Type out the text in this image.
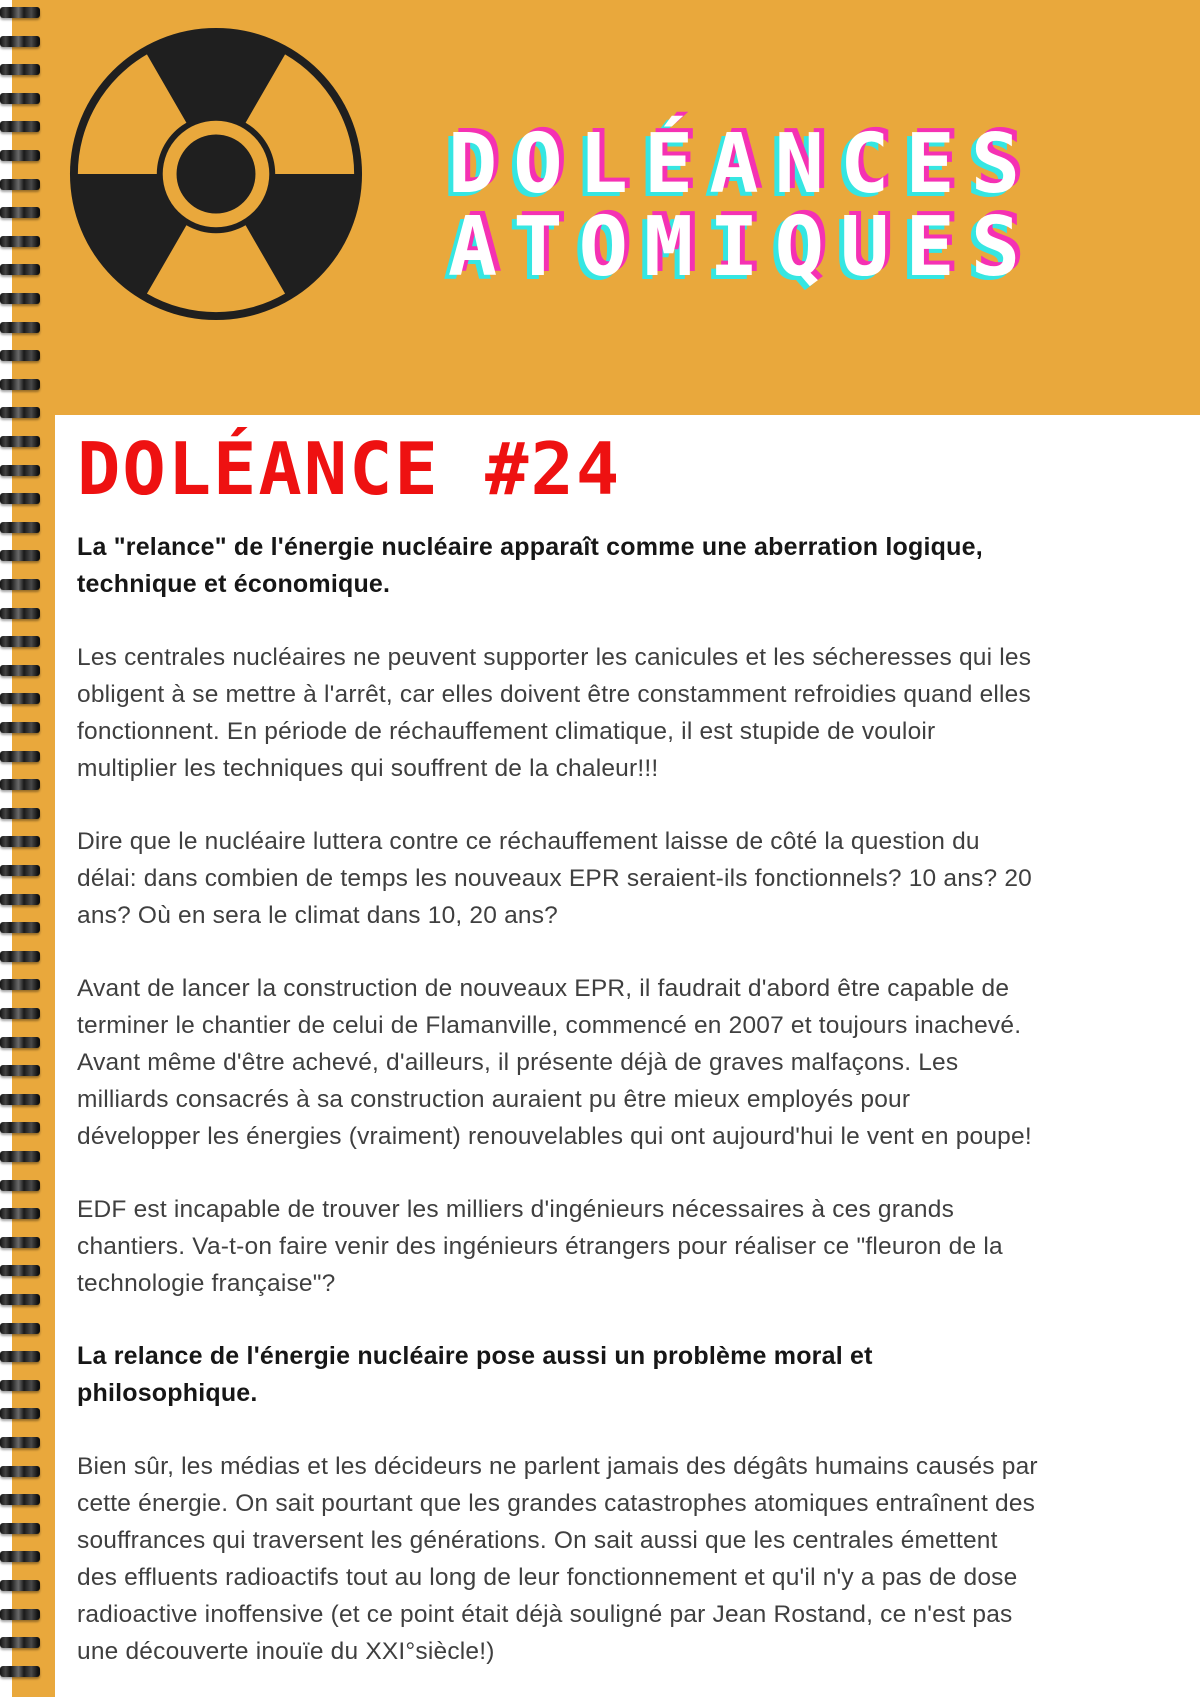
DOLÉANCES
ATOMIQUES
DOLÉANCE #24

La "relance" de l'énergie nucléaire apparaît comme une aberration logique, technique et économique.

Les centrales nucléaires ne peuvent supporter les canicules et les sécheresses qui les obligent à se mettre à l'arrêt, car elles doivent être constamment refroidies quand elles fonctionnent. En période de réchauffement climatique, il est stupide de vouloir multiplier les techniques qui souffrent de la chaleur!!!

Dire que le nucléaire luttera contre ce réchauffement laisse de côté la question du délai: dans combien de temps les nouveaux EPR seraient-ils fonctionnels? 10 ans? 20 ans? Où en sera le climat dans 10, 20 ans?

Avant de lancer la construction de nouveaux EPR, il faudrait d'abord être capable de terminer le chantier de celui de Flamanville, commencé en 2007 et toujours inachevé. Avant même d'être achevé, d'ailleurs, il présente déjà de graves malfaçons. Les milliards consacrés à sa construction auraient pu être mieux employés pour développer les énergies (vraiment) renouvelables qui ont aujourd'hui le vent en poupe!

EDF est incapable de trouver les milliers d'ingénieurs nécessaires à ces grands chantiers. Va-t-on faire venir des ingénieurs étrangers pour réaliser ce "fleuron de la technologie française"?

La relance de l'énergie nucléaire pose aussi un problème moral et philosophique.

Bien sûr, les médias et les décideurs ne parlent jamais des dégâts humains causés par cette énergie. On sait pourtant que les grandes catastrophes atomiques entraînent des souffrances qui traversent les générations. On sait aussi que les centrales émettent des effluents radioactifs tout au long de leur fonctionnement et qu'il n'y a pas de dose radioactive inoffensive (et ce point était déjà souligné par Jean Rostand, ce n'est pas une découverte inouïe du XXI°siècle!)
